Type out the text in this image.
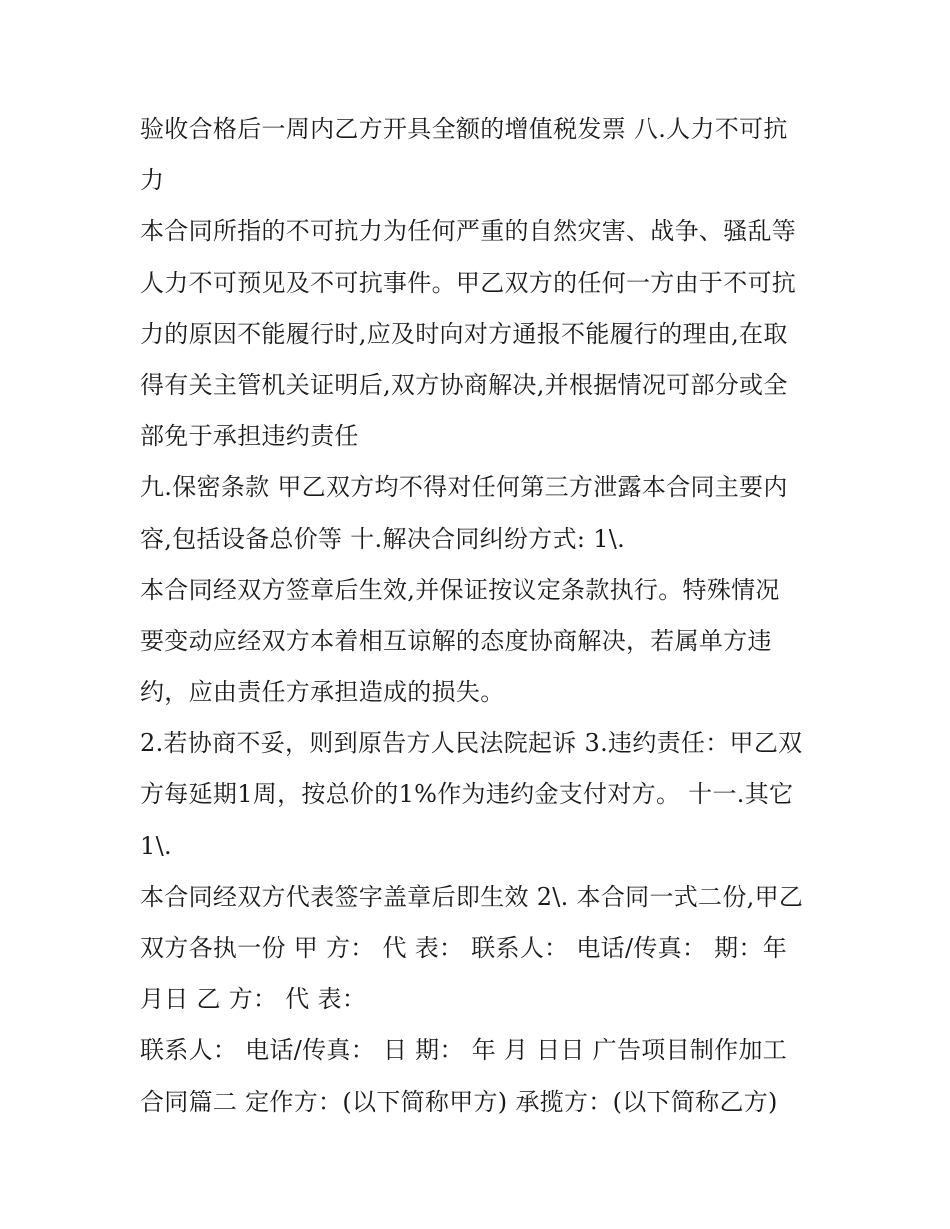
验收合格后一周内乙方开具全额的增值税发票 八.人力不可抗
力
本合同所指的不可抗力为任何严重的自然灾害、战争、骚乱等
人力不可预见及不可抗事件。甲乙双方的任何一方由于不可抗
力的原因不能履行时,应及时向对方通报不能履行的理由,在取
得有关主管机关证明后,双方协商解决,并根据情况可部分或全
部免于承担违约责任
九.保密条款 甲乙双方均不得对任何第三方泄露本合同主要内
容,包括设备总价等 十.解决合同纠纷方式: 1\.
本合同经双方签章后生效,并保证按议定条款执行。特殊情况
要变动应经双方本着相互谅解的态度协商解决，若属单方违
约，应由责任方承担造成的损失。
2.若协商不妥，则到原告方人民法院起诉 3.违约责任：甲乙双
方每延期1周，按总价的1%作为违约金支付对方。 十一.其它
1\.
本合同经双方代表签字盖章后即生效 2\. 本合同一式二份,甲乙
双方各执一份 甲 方： 代 表： 联系人： 电话/传真： 期：年
月日 乙 方： 代 表：
联系人： 电话/传真： 日 期： 年 月 日日 广告项目制作加工
合同篇二 定作方：(以下简称甲方) 承揽方：(以下简称乙方)
